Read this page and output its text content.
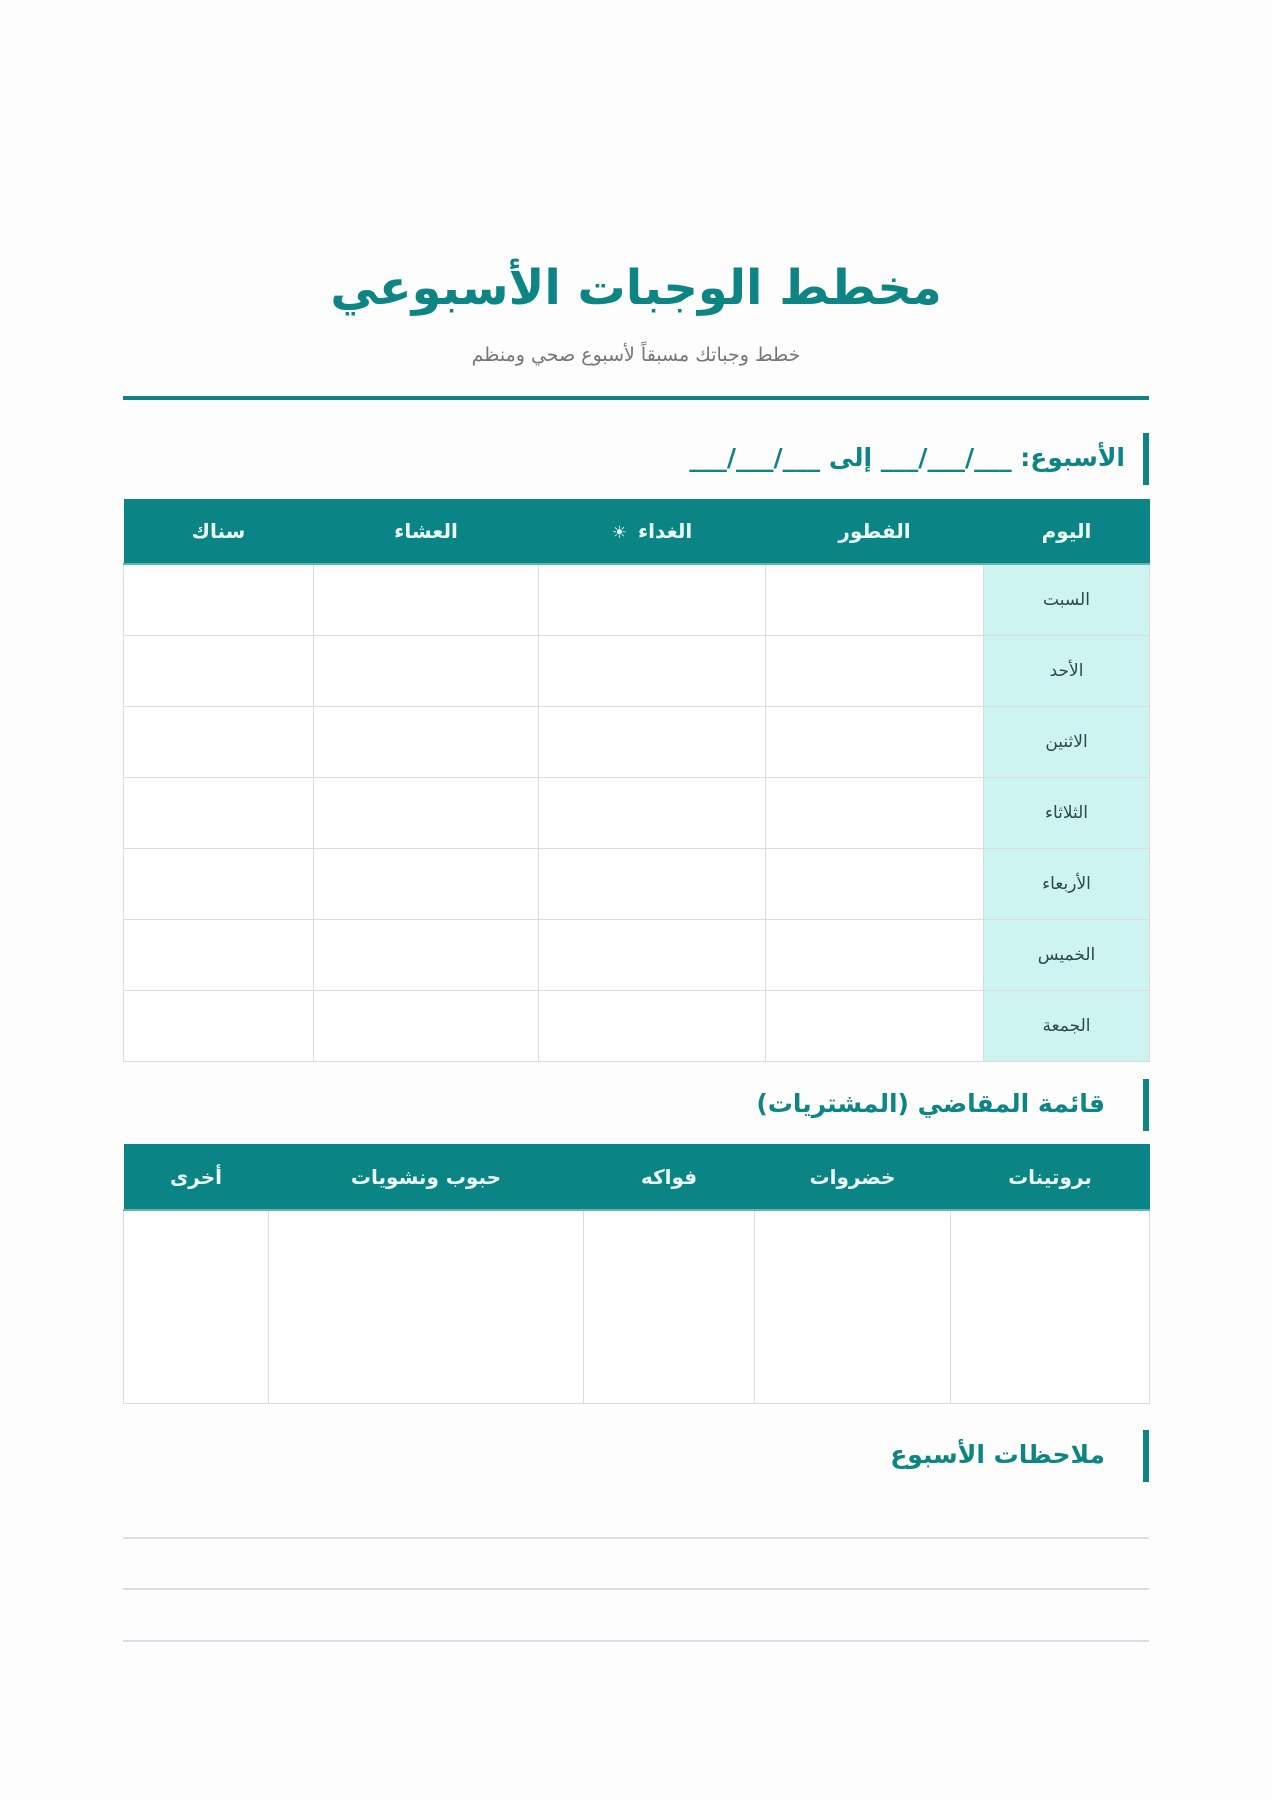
مخطط الوجبات الأسبوعي
خطط وجباتك مسبقاً لأسبوع صحي ومنظم
الأسبوع: ___/___/___ إلى ___/___/___
اليوم	الفطور	الغداء ☀	العشاء	سناك
السبت				
الأحد				
الاثنين				
الثلاثاء				
الأربعاء				
الخميس				
الجمعة				
قائمة المقاضي (المشتريات)
بروتينات	خضروات	فواكه	حبوب ونشويات	أخرى

ملاحظات الأسبوع
